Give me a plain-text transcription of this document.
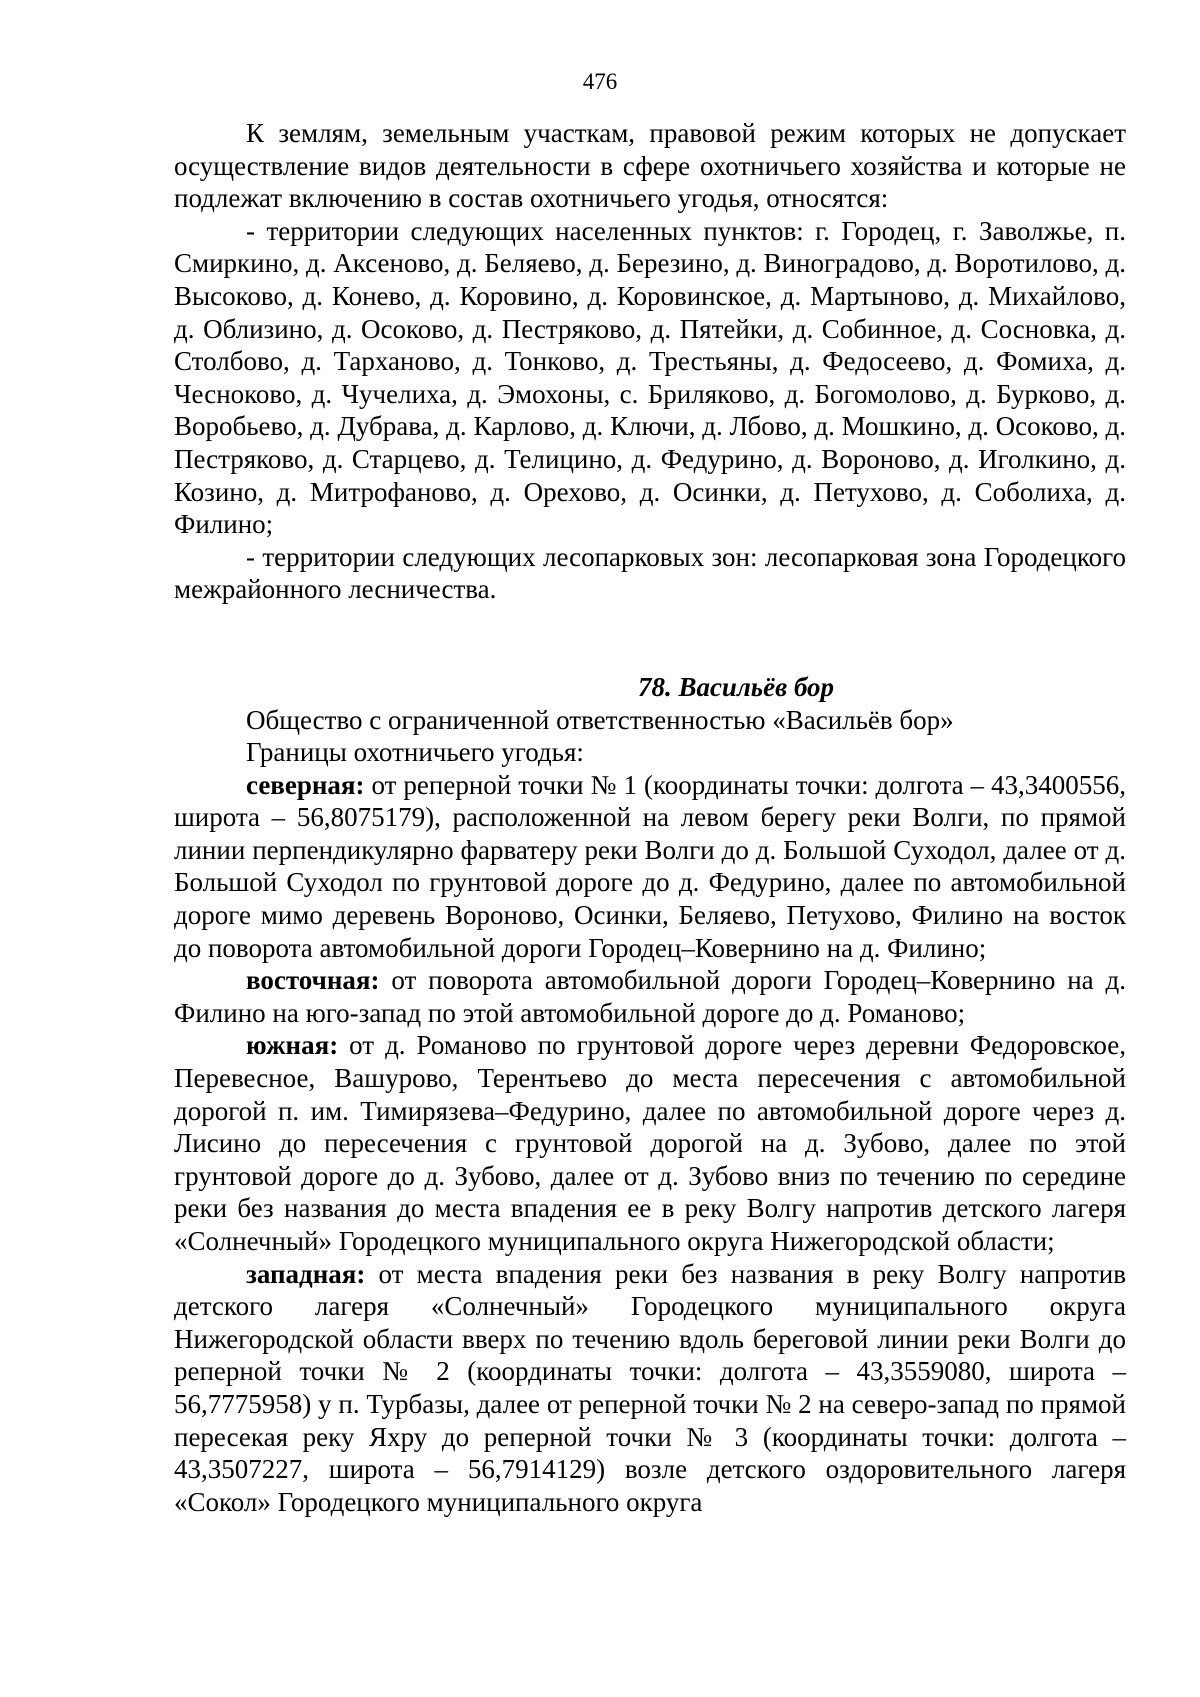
476

К землям, земельным участкам, правовой режим которых не допускает осуществление видов деятельности в сфере охотничьего хозяйства и которые не подлежат включению в состав охотничьего угодья, относятся:

- территории следующих населенных пунктов: г. Городец, г. Заволжье, п. Смиркино, д. Аксеново, д. Беляево, д. Березино, д. Виноградово, д. Воротилово, д. Высоково, д. Конево, д. Коровино, д. Коровинское, д. Мартыново, д. Михайлово, д. Облизино, д. Осоково, д. Пестряково, д. Пятейки, д. Собинное, д. Сосновка, д. Столбово, д. Тарханово, д. Тонково, д. Трестьяны, д. Федосеево, д. Фомиха, д. Чесноково, д. Чучелиха, д. Эмохоны, с. Бриляково, д. Богомолово, д. Бурково, д. Воробьево, д. Дубрава, д. Карлово, д. Ключи, д. Лбово, д. Мошкино, д. Осоково, д. Пестряково, д. Старцево, д. Телицино, д. Федурино, д. Вороново, д. Иголкино, д. Козино, д. Митрофаново, д. Орехово, д. Осинки, д. Петухово, д. Соболиха, д. Филино;

- территории следующих лесопарковых зон: лесопарковая зона Городецкого межрайонного лесничества.

78. Васильёв бор

Общество с ограниченной ответственностью «Васильёв бор»

Границы охотничьего угодья:

северная: от реперной точки № 1 (координаты точки: долгота – 43,3400556, широта – 56,8075179), расположенной на левом берегу реки Волги, по прямой линии перпендикулярно фарватеру реки Волги до д. Большой Суходол, далее от д. Большой Суходол по грунтовой дороге до д. Федурино, далее по автомобильной дороге мимо деревень Вороново, Осинки, Беляево, Петухово, Филино на восток до поворота автомобильной дороги Городец–Ковернино на д. Филино;

восточная: от поворота автомобильной дороги Городец–Ковернино на д. Филино на юго-запад по этой автомобильной дороге до д. Романово;

южная: от д. Романово по грунтовой дороге через деревни Федоровское, Перевесное, Вашурово, Терентьево до места пересечения с автомобильной дорогой п. им. Тимирязева–Федурино, далее по автомобильной дороге через д. Лисино до пересечения с грунтовой дорогой на д. Зубово, далее по этой грунтовой дороге до д. Зубово, далее от д. Зубово вниз по течению по середине реки без названия до места впадения ее в реку Волгу напротив детского лагеря «Солнечный» Городецкого муниципального округа Нижегородской области;

западная: от места впадения реки без названия в реку Волгу напротив детского лагеря «Солнечный» Городецкого муниципального округа Нижегородской области вверх по течению вдоль береговой линии реки Волги до реперной точки № 2 (координаты точки: долгота – 43,3559080, широта – 56,7775958) у п. Турбазы, далее от реперной точки № 2 на северо-запад по прямой пересекая реку Яхру до реперной точки № 3 (координаты точки: долгота – 43,3507227, широта – 56,7914129) возле детского оздоровительного лагеря «Сокол» Городецкого муниципального округа
